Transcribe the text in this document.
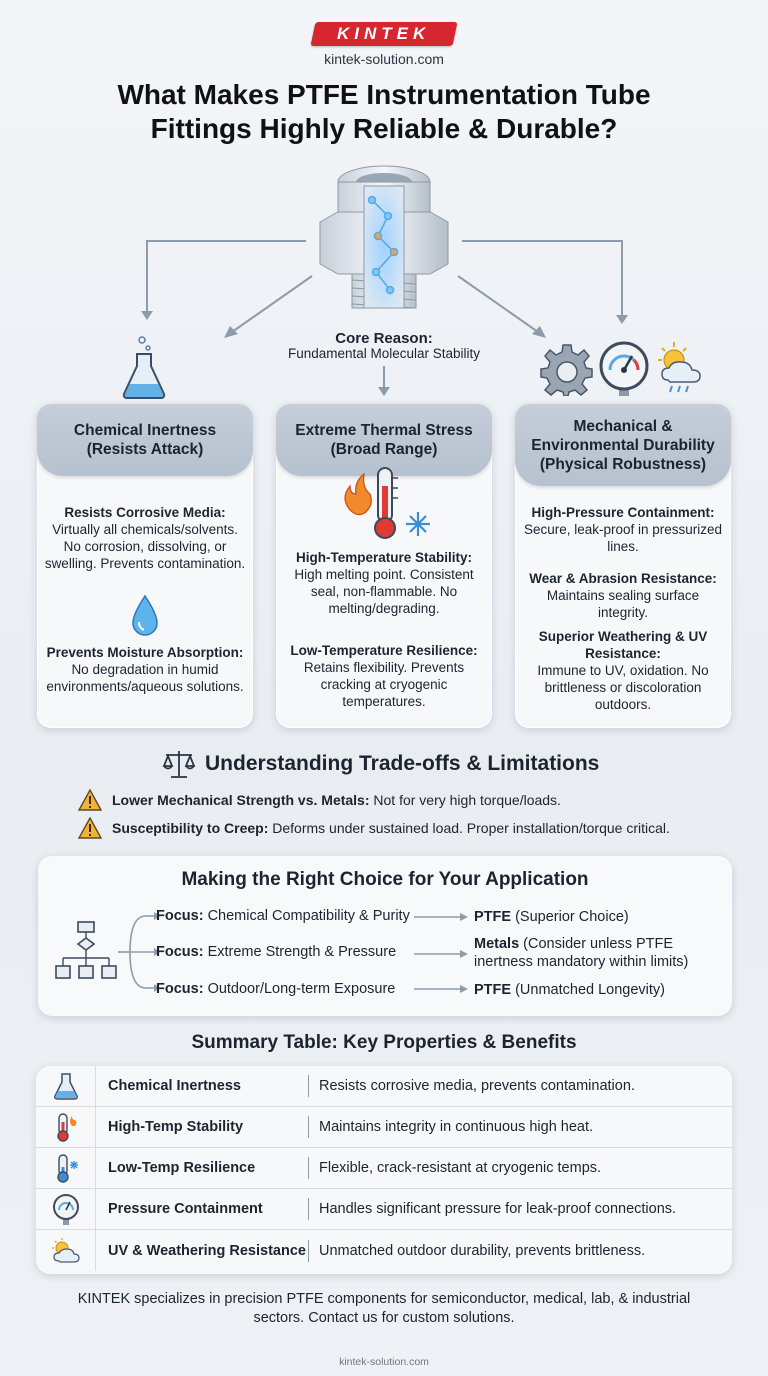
KINTEK
kintek-solution.com
What Makes PTFE Instrumentation Tube
Fittings Highly Reliable & Durable?
Core Reason:
Fundamental Molecular Stability
Chemical Inertness
(Resists Attack)
Resists Corrosive Media:
Virtually all chemicals/solvents. No corrosion, dissolving, or swelling. Prevents contamination.
Prevents Moisture Absorption:
No degradation in humid environments/aqueous solutions.
Extreme Thermal Stress
(Broad Range)
High-Temperature Stability:
High melting point. Consistent seal, non-flammable. No melting/degrading.
Low-Temperature Resilience:
Retains flexibility. Prevents cracking at cryogenic temperatures.
Mechanical &
Environmental Durability
(Physical Robustness)
High-Pressure Containment:
Secure, leak-proof in pressurized lines.
Wear & Abrasion Resistance:
Maintains sealing surface integrity.
Superior Weathering & UV Resistance:
Immune to UV, oxidation. No brittleness or discoloration outdoors.
Understanding Trade-offs & Limitations
Lower Mechanical Strength vs. Metals:
Not for very high torque/loads.
Susceptibility to Creep:
Deforms under sustained load. Proper installation/torque critical.
Making the Right Choice for Your Application
Focus: Chemical Compatibility & Purity
Focus: Extreme Strength & Pressure
Focus: Outdoor/Long-term Exposure
PTFE (Superior Choice)
Metals (Consider unless PTFE inertness mandatory within limits)
PTFE (Unmatched Longevity)
Summary Table: Key Properties & Benefits
Chemical Inertness	Resists corrosive media, prevents contamination.
High-Temp Stability	Maintains integrity in continuous high heat.
Low-Temp Resilience	Flexible, crack-resistant at cryogenic temps.
Pressure Containment	Handles significant pressure for leak-proof connections.
UV & Weathering Resistance Unmatched outdoor durability, prevents brittleness.
KINTEK specializes in precision PTFE components for semiconductor, medical, lab, & industrial sectors. Contact us for custom solutions.
kintek-solution.com
